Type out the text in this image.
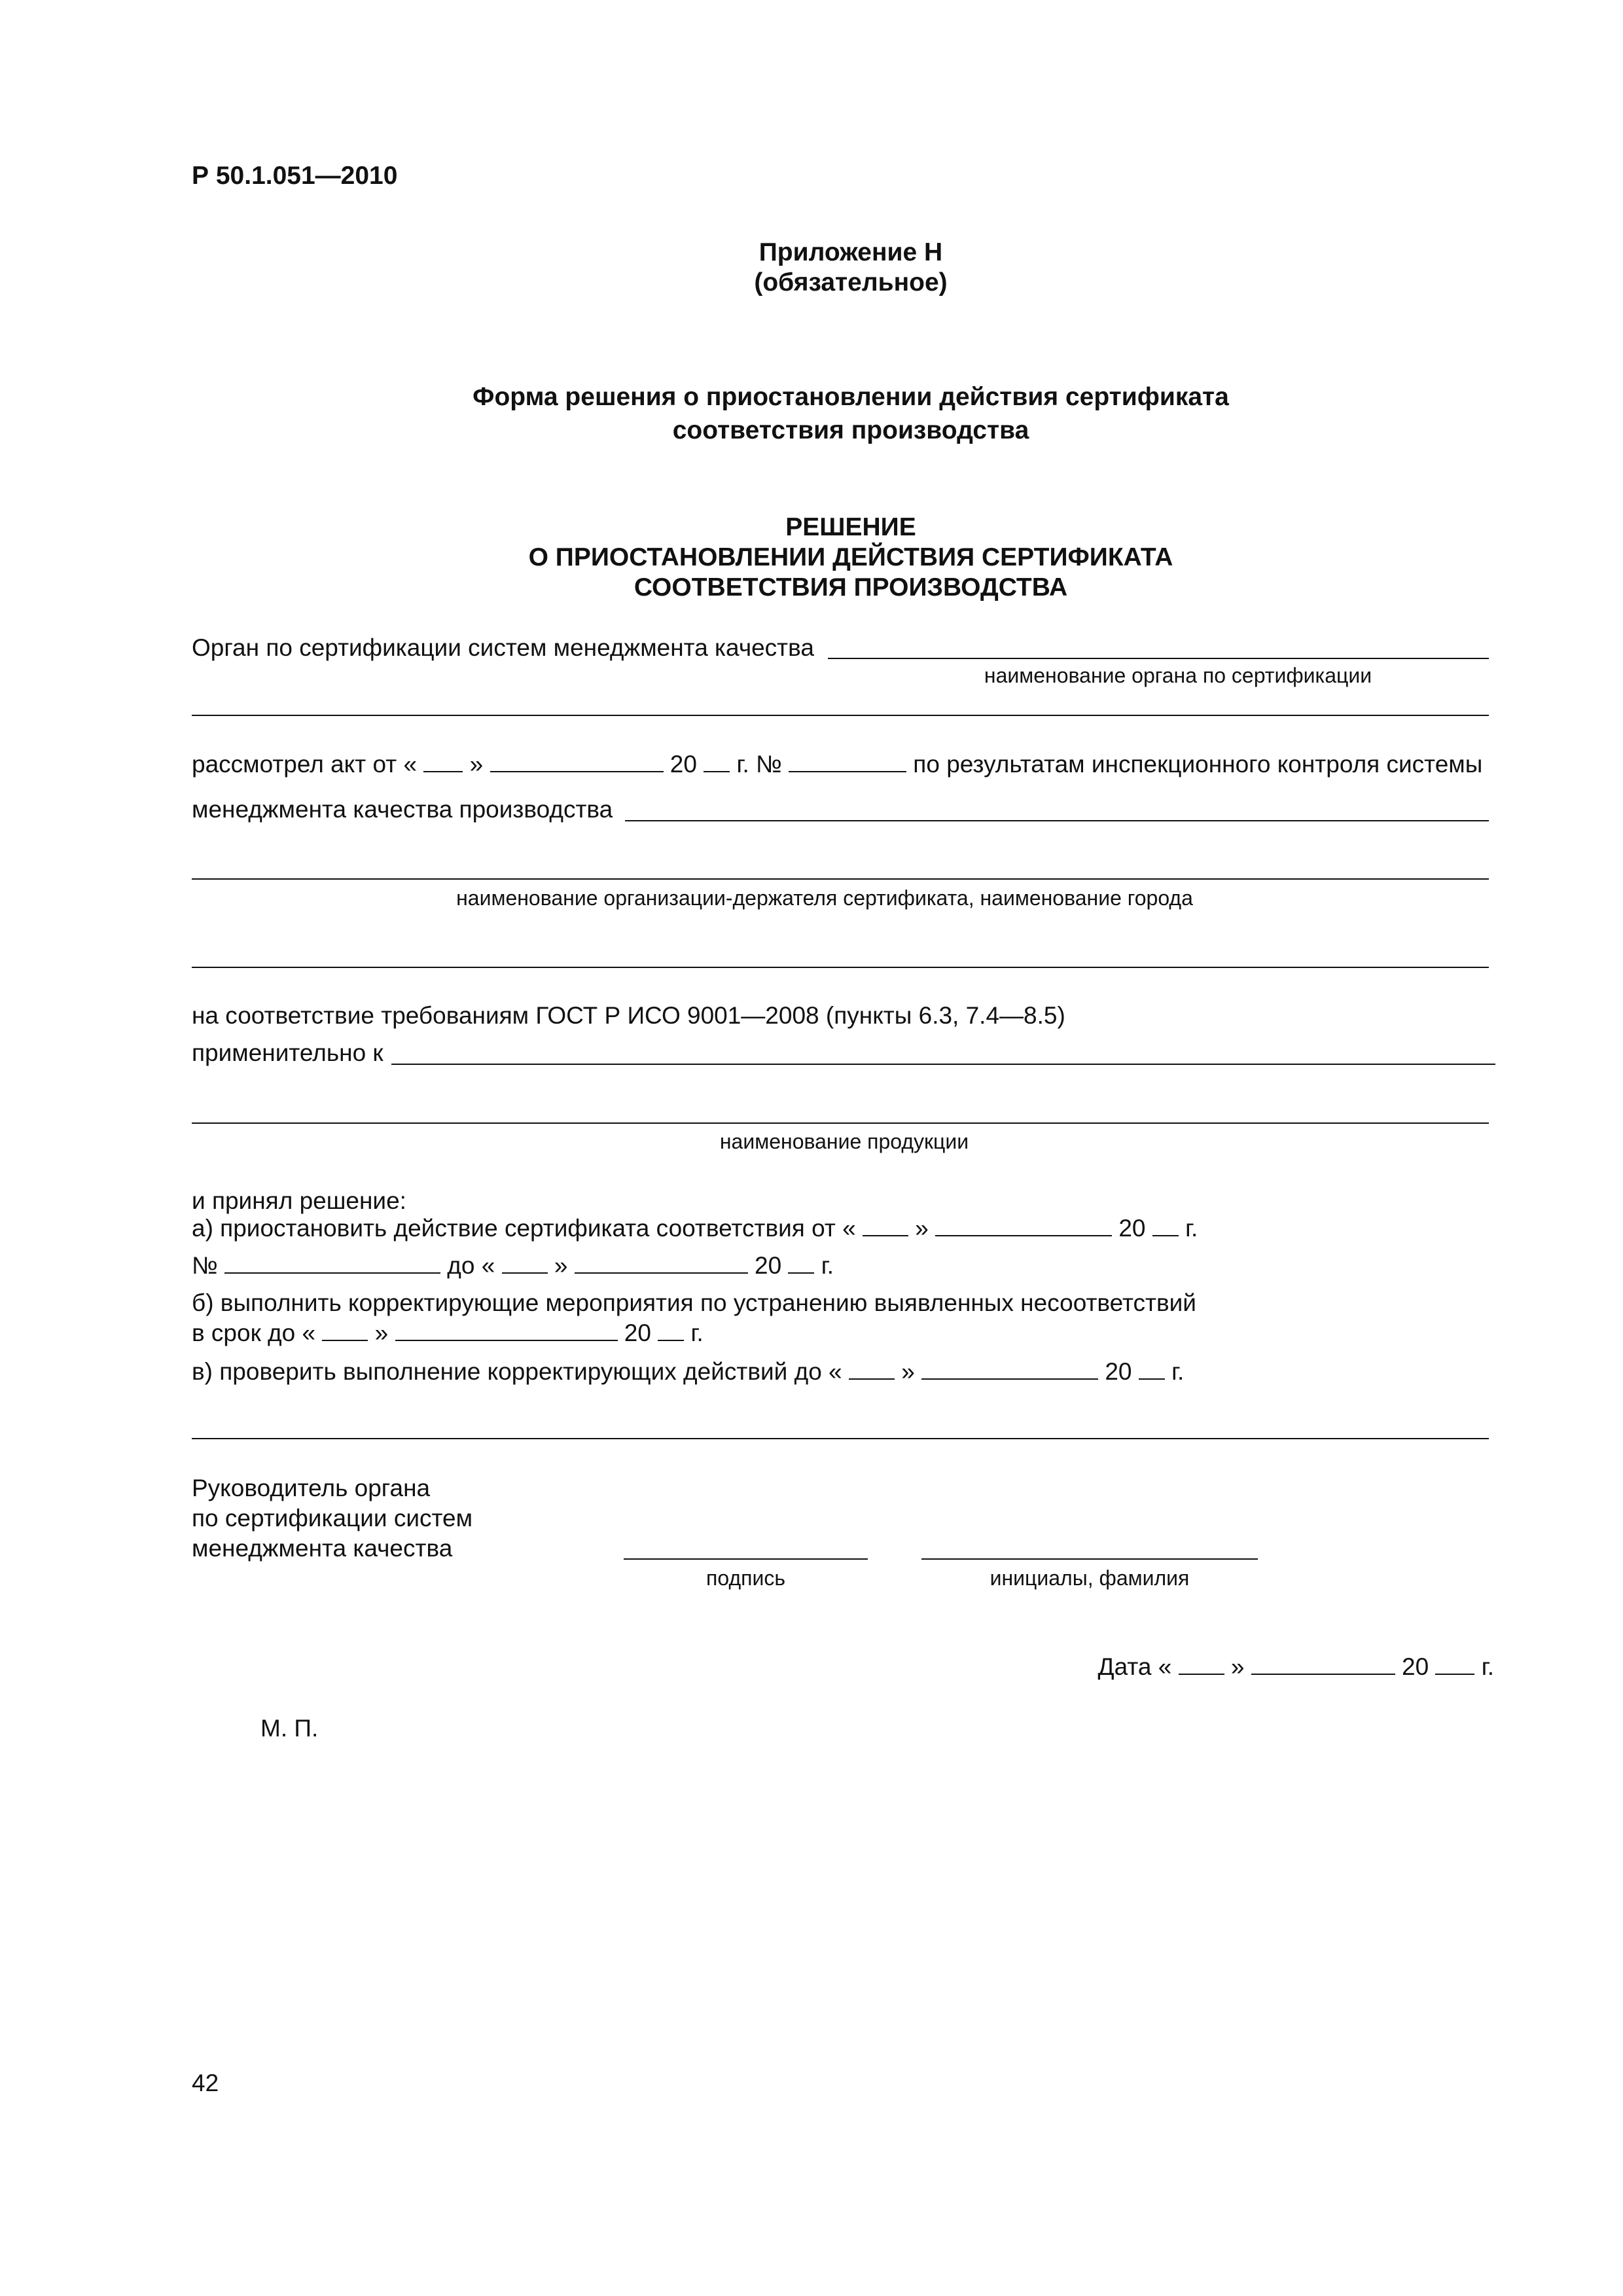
Р 50.1.051—2010
Приложение Н
(обязательное)
Форма решения о приостановлении действия сертификата
соответствия производства
РЕШЕНИЕ
О ПРИОСТАНОВЛЕНИИ ДЕЙСТВИЯ СЕРТИФИКАТА
СООТВЕТСТВИЯ ПРОИЗВОДСТВА
Орган по сертификации систем менеджмента качества
наименование органа по сертификации
рассмотрел акт от « »	20 г. №	по результатам инспекционного контроля системы
менеджмента качества производства
наименование организации-держателя сертификата, наименование города
на соответствие требованиям ГОСТ Р ИСО 9001—2008 (пункты 6.3, 7.4—8.5)
применительно к
наименование продукции
и принял решение:
а) приостановить действие сертификата соответствия от « »	20 г.
№	до « »	20 г.
б) выполнить корректирующие мероприятия по устранению выявленных несоответствий
в срок до « »	20 г.
в) проверить выполнение корректирующих действий до « »	20 г.
Руководитель органа
по сертификации систем
менеджмента качества
подпись	инициалы, фамилия
Дата « »	20 г.
М. П.
42
